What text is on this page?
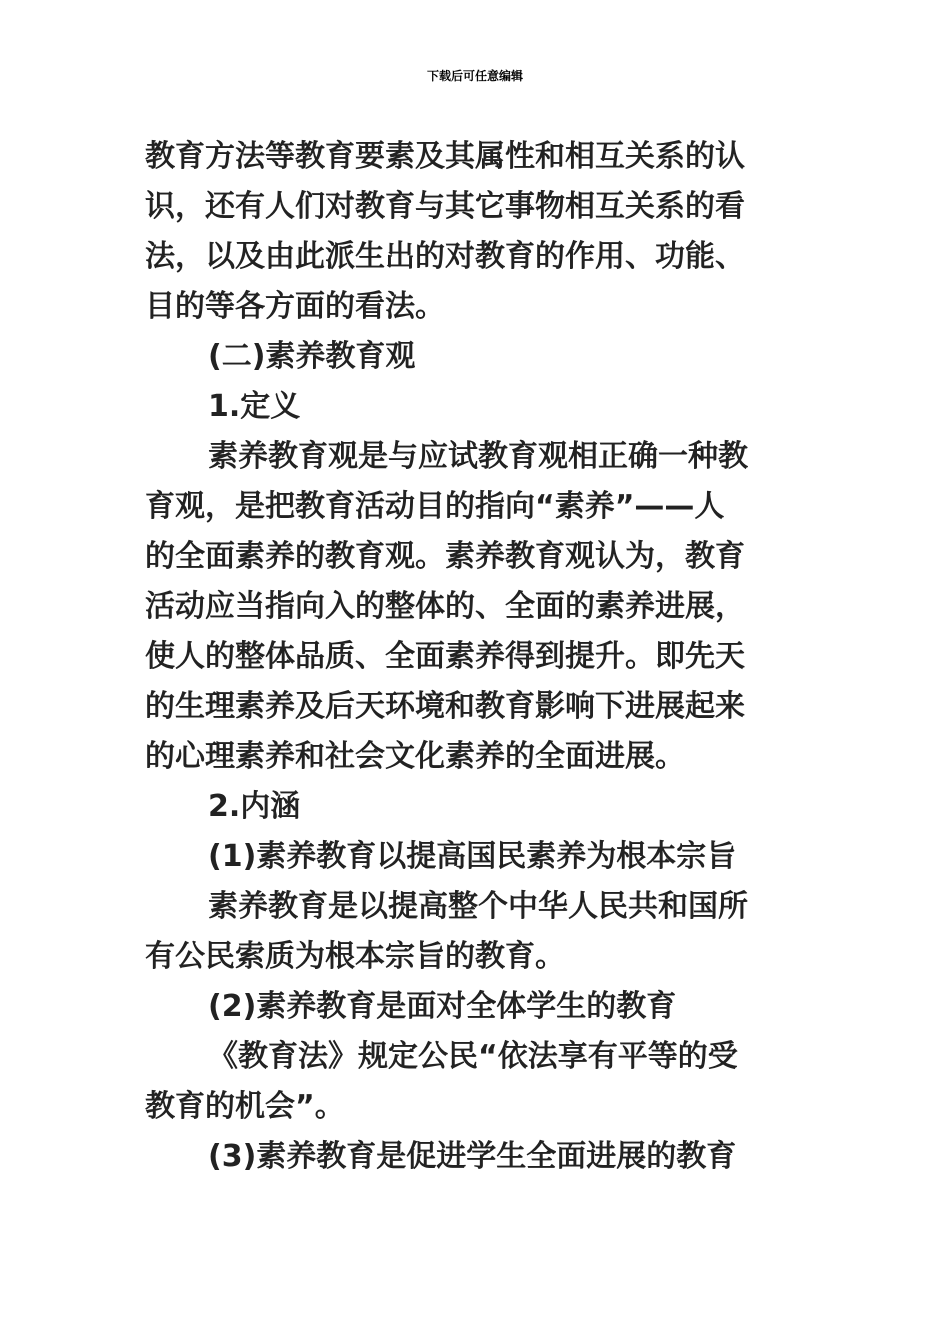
下载后可任意编辑
教育方法等教育要素及其属性和相互关系的认
识，还有人们对教育与其它事物相互关系的看
法，以及由此派生出的对教育的作用、功能、
目的等各方面的看法。
(二)素养教育观
1.定义
素养教育观是与应试教育观相正确一种教
育观，是把教育活动目的指向“素养”——人
的全面素养的教育观。素养教育观认为，教育
活动应当指向入的整体的、全面的素养进展，
使人的整体品质、全面素养得到提升。即先天
的生理素养及后天环境和教育影响下进展起来
的心理素养和社会文化素养的全面进展。
2.内涵
(1)素养教育以提高国民素养为根本宗旨
素养教育是以提高整个中华人民共和国所
有公民索质为根本宗旨的教育。
(2)素养教育是面对全体学生的教育
《教育法》规定公民“依法享有平等的受
教育的机会”。
(3)素养教育是促进学生全面进展的教育
